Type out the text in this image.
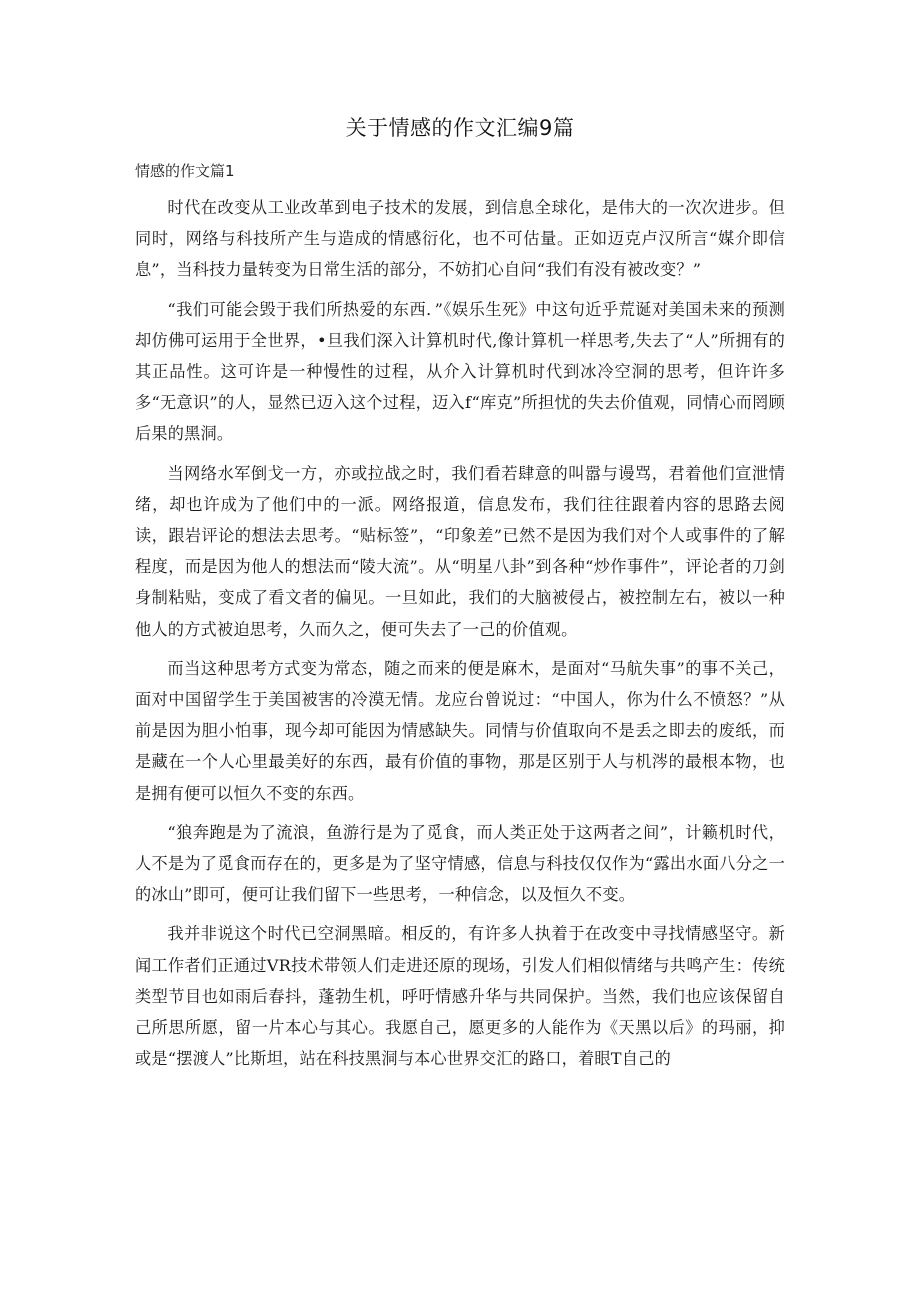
关于情感的作文汇编9篇
情感的作文篇1

时代在改变从工业改革到电子技术的发展，到信息全球化，是伟大的一次次进步。但同时，网络与科技所产生与造成的情感衍化，也不可估量。正如迈克卢汉所言“媒介即信息”，当科技力量转变为日常生活的部分，不妨扪心自问“我们有没有被改变？”

“我们可能会毁于我们所热爱的东西．”《娱乐生死》中这句近乎荒诞对美国未来的预测却仿佛可运用于全世界，•旦我们深入计算机时代,像计算机一样思考,失去了“人”所拥有的其正品性。这可许是一种慢性的过程，从介入计算机时代到冰冷空洞的思考，但许许多多“无意识”的人，显然已迈入这个过程，迈入f“库克”所担忧的失去价值观，同情心而罔顾后果的黑洞。

当网络水军倒戈一方，亦或拉战之时，我们看若肆意的叫嚣与谩骂，君着他们宣泄情绪，却也许成为了他们中的一派。网络报道，信息发布，我们往往跟着内容的思路去阅读，跟岩评论的想法去思考。“贴标签”，“印象差”已然不是因为我们对个人或事件的了解程度，而是因为他人的想法而“陵大流”。从“明星八卦”到各种“炒作事件”，评论者的刀剑身制粘贴，变成了看文者的偏见。一旦如此，我们的大脑被侵占，被控制左右，被以一种他人的方式被迫思考，久而久之，便可失去了一己的价值观。

而当这种思考方式变为常态，随之而来的便是麻木，是面对“马航失事”的事不关己，面对中国留学生于美国被害的冷漠无情。龙应台曾说过：“中国人，你为什么不愤怒？”从前是因为胆小怕事，现今却可能因为情感缺失。同情与价值取向不是丢之即去的废纸，而是藏在一个人心里最美好的东西，最有价值的事物，那是区别于人与机涔的最根本物，也是拥有便可以恒久不变的东西。

“狼奔跑是为了流浪，鱼游行是为了觅食，而人类正处于这两者之间”，计籁机时代，人不是为了觅食而存在的，更多是为了坚守情感，信息与科技仅仅作为“露出水面八分之一的冰山”即可，便可让我们留下一些思考，一种信念，以及恒久不变。

我并非说这个时代已空洞黑暗。相反的，有许多人执着于在改变中寻找情感坚守。新闻工作者们正通过VR技术带领人们走进还原的现场，引发人们相似情绪与共鸣产生：传统类型节目也如雨后春抖，蓬勃生机，呼吁情感升华与共同保护。当然，我们也应该保留自己所思所愿，留一片本心与其心。我愿自己，愿更多的人能作为《天黑以后》的玛丽，抑或是“摆渡人”比斯坦，站在科技黑洞与本心世界交汇的路口，着眼T自己的
